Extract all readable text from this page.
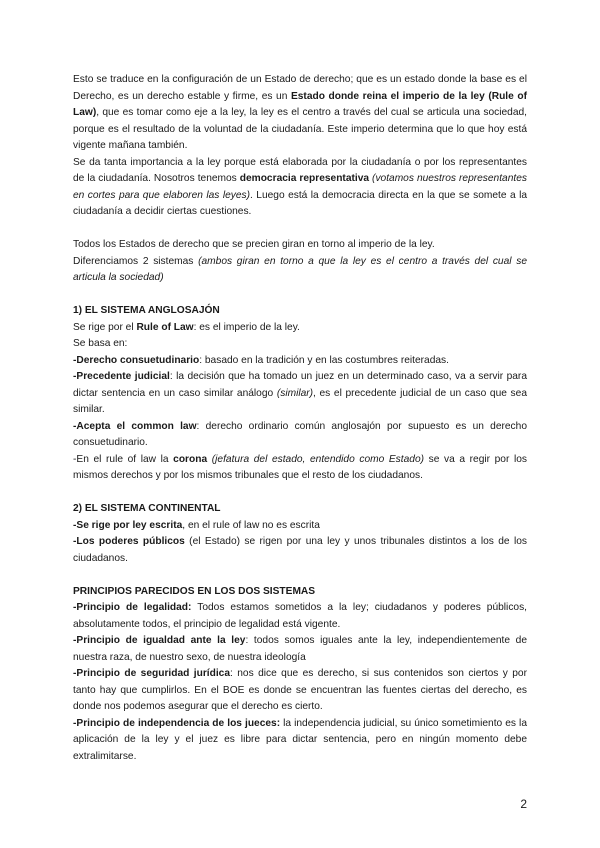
Esto se traduce en la configuración de un Estado de derecho; que es un estado donde la base es el Derecho, es un derecho estable y firme, es un Estado donde reina el imperio de la ley (Rule of Law), que es tomar como eje a la ley, la ley es el centro a través del cual se articula una sociedad, porque es el resultado de la voluntad de la ciudadanía. Este imperio determina que lo que hoy está vigente mañana también.

Se da tanta importancia a la ley porque está elaborada por la ciudadanía o por los representantes de la ciudadanía. Nosotros tenemos democracia representativa (votamos nuestros representantes en cortes para que elaboren las leyes). Luego está la democracia directa en la que se somete a la ciudadanía a decidir ciertas cuestiones.

Todos los Estados de derecho que se precien giran en torno al imperio de la ley.

Diferenciamos 2 sistemas (ambos giran en torno a que la ley es el centro a través del cual se articula la sociedad)

1) EL SISTEMA ANGLOSAJÓN

Se rige por el Rule of Law: es el imperio de la ley.

Se basa en:

-Derecho consuetudinario: basado en la tradición y en las costumbres reiteradas.

-Precedente judicial: la decisión que ha tomado un juez en un determinado caso, va a servir para dictar sentencia en un caso similar análogo (similar), es el precedente judicial de un caso que sea similar.

-Acepta el common law: derecho ordinario común anglosajón por supuesto es un derecho consuetudinario.

-En el rule of law la corona (jefatura del estado, entendido como Estado) se va a regir por los mismos derechos y por los mismos tribunales que el resto de los ciudadanos.

2) EL SISTEMA CONTINENTAL

-Se rige por ley escrita, en el rule of law no es escrita

-Los poderes públicos (el Estado) se rigen por una ley y unos tribunales distintos a los de los ciudadanos.

PRINCIPIOS PARECIDOS EN LOS DOS SISTEMAS

-Principio de legalidad: Todos estamos sometidos a la ley; ciudadanos y poderes públicos, absolutamente todos, el principio de legalidad está vigente.

-Principio de igualdad ante la ley: todos somos iguales ante la ley, independientemente de nuestra raza, de nuestro sexo, de nuestra ideología

-Principio de seguridad jurídica: nos dice que es derecho, si sus contenidos son ciertos y por tanto hay que cumplirlos. En el BOE es donde se encuentran las fuentes ciertas del derecho, es donde nos podemos asegurar que el derecho es cierto.

-Principio de independencia de los jueces: la independencia judicial, su único sometimiento es la aplicación de la ley y el juez es libre para dictar sentencia, pero en ningún momento debe extralimitarse.

2
